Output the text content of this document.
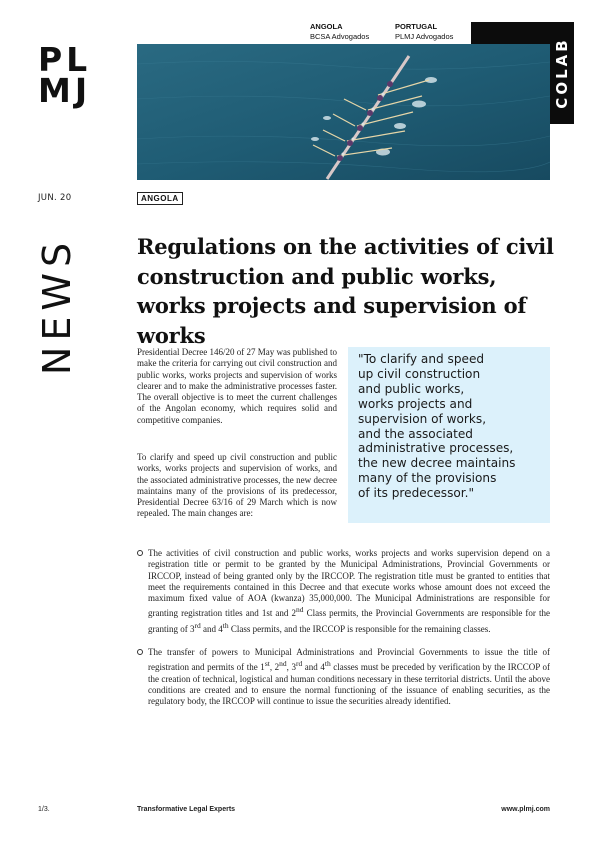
PL
MJ
ANGOLA
BCSA Advogados
PORTUGAL
PLMJ Advogados
COLAB
JUN. 20	ANGOLA
NEWS	Regulations on the activities of civil construction and public works, works projects and supervision of works

Presidential Decree 146/20 of 27 May was published to make the criteria for carrying out civil construction and public works, works projects and supervision of works clearer and to make the administrative processes faster. The overall objective is to meet the current challenges of the Angolan economy, which requires solid and competitive companies.

To clarify and speed up civil construction and public works, works projects and supervision of works, and the associated administrative processes, the new decree maintains many of the provisions of its predecessor, Presidential Decree 63/16 of 29 March which is now repealed. The main changes are:

"To clarify and speed
up civil construction
and public works,
works projects and
supervision of works,
and the associated
administrative processes,
the new decree maintains
many of the provisions
of its predecessor."
The activities of civil construction and public works, works projects and works supervision depend on a registration title or permit to be granted by the Municipal Administrations, Provincial Governments or IRCCOP, instead of being granted only by the IRCCOP. The registration title must be granted to entities that meet the requirements contained in this Decree and that execute works whose amount does not exceed the maximum fixed value of AOA (kwanza) 35,000,000. The Municipal Administrations are responsible for granting registration titles and 1st and 2nd Class permits, the Provincial Governments are responsible for the granting of 3rd and 4th Class permits, and the IRCCOP is responsible for the remaining classes.
The transfer of powers to Municipal Administrations and Provincial Governments to issue the title of registration and permits of the 1st, 2nd, 3rd and 4th classes must be preceded by verification by the IRCCOP of the creation of technical, logistical and human conditions necessary in these territorial districts. Until the above conditions are created and to ensure the normal functioning of the issuance of enabling securities, as the regulatory body, the IRCCOP will continue to issue the securities already identified.
1/3.	Transformative Legal Experts	www.plmj.com
